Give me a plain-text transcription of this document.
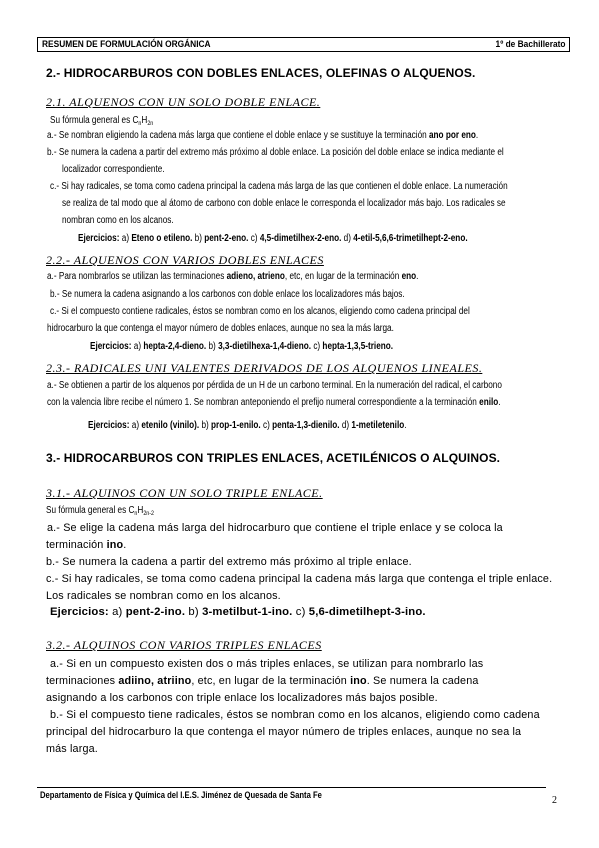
RESUMEN DE FORMULACIÓN ORGÁNICA	1º de Bachillerato
2.- HIDROCARBUROS CON DOBLES ENLACES, OLEFINAS O ALQUENOS.
2.1. ALQUENOS CON UN SOLO DOBLE ENLACE.
Su fórmula general es $C_nH_{2n}$
a.- Se nombran eligiendo la cadena más larga que contiene el doble enlace y se sustituye la terminación ano por eno.
b.- Se numera la cadena a partir del extremo más próximo al doble enlace. La posición del doble enlace se indica mediante el
localizador correspondiente.
c.- Si hay radicales, se toma como cadena principal la cadena más larga de las que contienen el doble enlace. La numeración
se realiza de tal modo que al átomo de carbono con doble enlace le corresponda el localizador más bajo. Los radicales se
nombran como en los alcanos.
Ejercicios: a) Eteno o etileno. b) pent-2-eno. c) 4,5-dimetilhex-2-eno. d) 4-etil-5,6,6-trimetilhept-2-eno.
2.2.- ALQUENOS CON VARIOS DOBLES ENLACES
a.- Para nombrarlos se utilizan las terminaciones adieno, atrieno, etc, en lugar de la terminación eno.
b.- Se numera la cadena asignando a los carbonos con doble enlace los localizadores más bajos.
c.- Si el compuesto contiene radicales, éstos se nombran como en los alcanos, eligiendo como cadena principal del
hidrocarburo la que contenga el mayor número de dobles enlaces, aunque no sea la más larga.
Ejercicios: a) hepta-2,4-dieno. b) 3,3-dietilhexa-1,4-dieno. c) hepta-1,3,5-trieno.
2.3.- RADICALES UNI VALENTES DERIVADOS DE LOS ALQUENOS LINEALES.
a.- Se obtienen a partir de los alquenos por pérdida de un H de un carbono terminal. En la numeración del radical, el carbono
con la valencia libre recibe el número 1. Se nombran anteponiendo el prefijo numeral correspondiente a la terminación enilo.
Ejercicios: a) etenilo (vinilo). b) prop-1-enilo. c) penta-1,3-dienilo. d) 1-metiletenilo.
3.- HIDROCARBUROS CON TRIPLES ENLACES, ACETILÉNICOS O ALQUINOS.
3.1.- ALQUINOS CON UN SOLO TRIPLE ENLACE.
Su fórmula general es $C_nH_{2n-2}$
a.- Se elige la cadena más larga del hidrocarburo que contiene el triple enlace y se coloca la
terminación ino.
b.- Se numera la cadena a partir del extremo más próximo al triple enlace.
c.- Si hay radicales, se toma como cadena principal la cadena más larga que contenga el triple enlace.
Los radicales se nombran como en los alcanos.
Ejercicios: a) pent-2-ino. b) 3-metilbut-1-ino. c) 5,6-dimetilhept-3-ino.
3.2.- ALQUINOS CON VARIOS TRIPLES ENLACES
a.- Si en un compuesto existen dos o más triples enlaces, se utilizan para nombrarlo las
terminaciones adiino, atriino, etc, en lugar de la terminación ino. Se numera la cadena
asignando a los carbonos con triple enlace los localizadores más bajos posible.
b.- Si el compuesto tiene radicales, éstos se nombran como en los alcanos, eligiendo como cadena
principal del hidrocarburo la que contenga el mayor número de triples enlaces, aunque no sea la
más larga.
Departamento de Física y Química del I.E.S. Jiménez de Quesada de Santa Fe	2
